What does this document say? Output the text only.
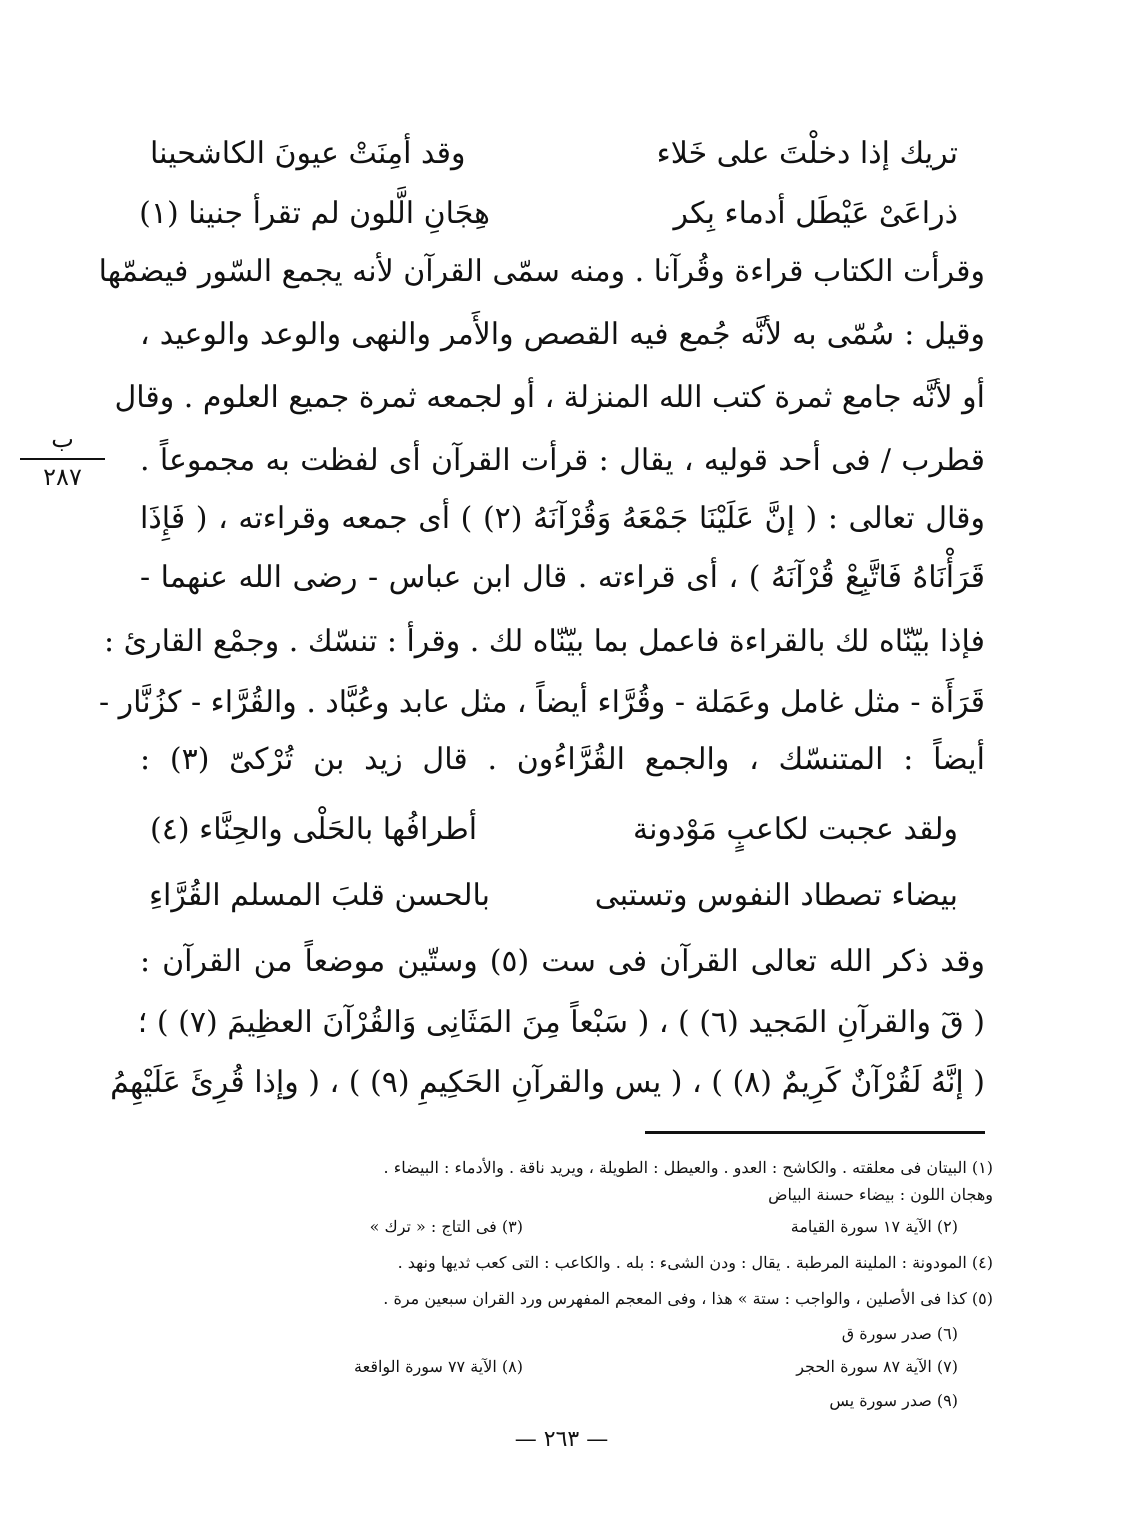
ب
٢٨٧
تريك إذا دخلْتَ على خَلاء
وقد أمِنَتْ عيونَ الكاشحينا
ذراعَىْ عَيْطَل أدماء بِكر
هِجَانِ الَّلون لم تقرأ جنينا (١)
وقرأت الكتاب قراءة وقُرآنا . ومنه سمّى القرآن لأنه يجمع السّور فيضمّها
وقيل : سُمّى به لأنَّه جُمع فيه القصص والأَمر والنهى والوعد والوعيد ،
أو لأنَّه جامع ثمرة كتب الله المنزلة ، أو لجمعه ثمرة جميع العلوم . وقال
قطرب / فى أحد قوليه ، يقال : قرأت القرآن أى لفظت به مجموعاً .
وقال تعالى : ( إنَّ عَلَيْنَا جَمْعَهُ وَقُرْآنَهُ (٢) ) أى جمعه وقراءته ، ( فَإِذَا
قَرَأْنَاهُ فَاتَّبِعْ قُرْآنَهُ ) ، أى قراءته . قال ابن عباس - رضى الله عنهما -
فإذا بيّنّاه لك بالقراءة فاعمل بما بيّنّاه لك . وقرأ : تنسّك . وجمْع القارئ :
قَرَأَة - مثل غامل وعَمَلة - وقُرَّاء أيضاً ، مثل عابد وعُبَّاد . والقُرَّاء - كزُنَّار -
أيضاً : المتنسّك ، والجمع القُرَّاءُون . قال زيد بن تُرْكىّ (٣) :
ولقد عجبت لكاعبٍ مَوْدونة
أطرافُها بالحَلْى والحِنَّاء (٤)
بيضاء تصطاد النفوس وتستبى
بالحسن قلبَ المسلم القُرَّاءِ
وقد ذكر الله تعالى القرآن فى ست (٥) وستّين موضعاً من القرآن :
( قٓ والقرآنِ المَجيد (٦) ) ، ( سَبْعاً مِنَ المَثَانِى وَالقُرْآنَ العظِيمَ (٧) ) ؛
( إنَّهُ لَقُرْآنٌ كَرِيمٌ (٨) ) ، ( يس والقرآنِ الحَكِيمِ (٩) ) ، ( وإذا قُرِئَ عَلَيْهِمُ
(١) البيتان فى معلقته . والكاشح : العدو . والعيطل : الطويلة ، ويريد ناقة . والأدماء : البيضاء .
وهجان اللون : بيضاء حسنة البياض
(٢) الآية ١٧ سورة القيامة
(٣) فى التاج : « ترك »
(٤) المودونة : الملينة المرطبة . يقال : ودن الشىء : بله . والكاعب : التى كعب ثديها ونهد .
(٥) كذا فى الأصلين ، والواجب : ستة » هذا ، وفى المعجم المفهرس ورد القران سبعين مرة .
(٦) صدر سورة ق
(٧) الآية ٨٧ سورة الحجر
(٨) الآية ٧٧ سورة الواقعة
(٩) صدر سورة يس
— ٢٦٣ —
